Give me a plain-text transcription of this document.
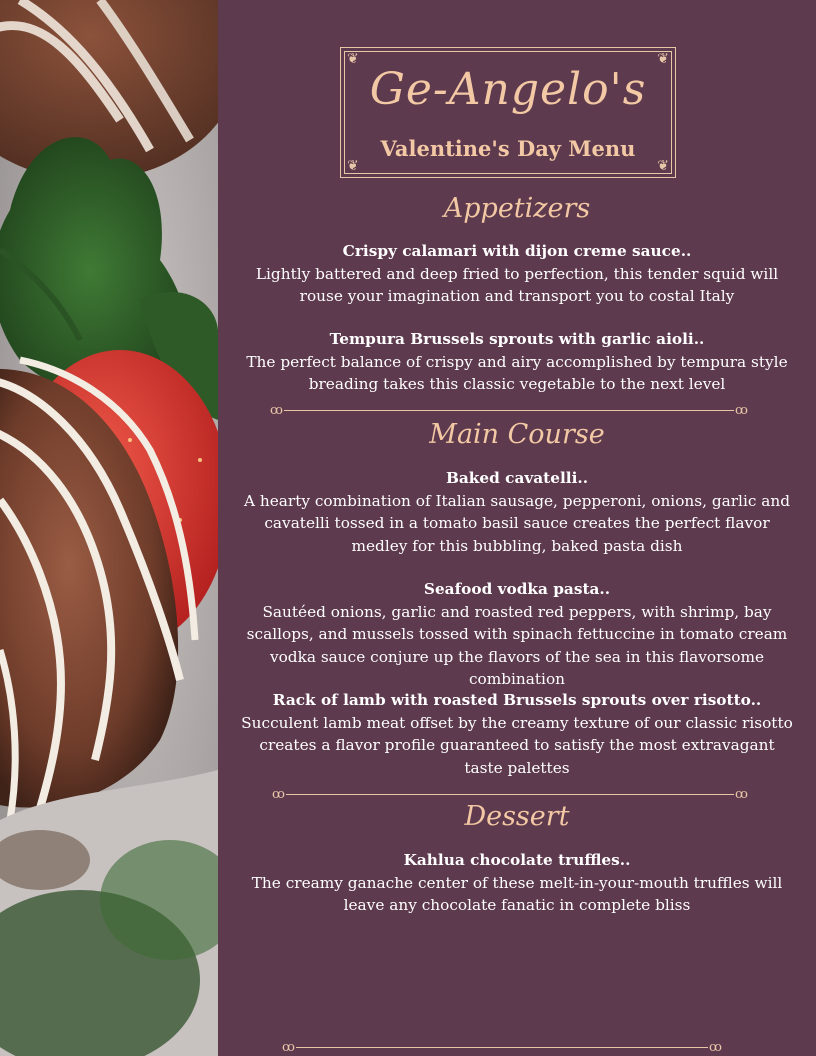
❦	❦
❦	❦
Ge-Angelo's
Valentine's Day Menu
Appetizers
Crispy calamari with dijon creme sauce..
Lightly battered and deep fried to perfection, this tender squid will rouse your imagination and transport you to costal Italy
Tempura Brussels sprouts with garlic aioli..
The perfect balance of crispy and airy accomplished by tempura style breading takes this classic vegetable to the next level
ꝏ	ꝏ
Main Course
Baked cavatelli..
A hearty combination of Italian sausage, pepperoni, onions, garlic and cavatelli tossed in a tomato basil sauce creates the perfect flavor medley for this bubbling, baked pasta dish
Seafood vodka pasta..
Sautéed onions, garlic and roasted red peppers, with shrimp, bay scallops, and mussels tossed with spinach fettuccine in tomato cream vodka sauce conjure up the flavors of the sea in this flavorsome combination
Rack of lamb with roasted Brussels sprouts over risotto..
Succulent lamb meat offset by the creamy texture of our classic risotto creates a flavor profile guaranteed to satisfy the most extravagant taste palettes
ꝏ	ꝏ
Dessert
Kahlua chocolate truffles..
The creamy ganache center of these melt-in-your-mouth truffles will leave any chocolate fanatic in complete bliss
ꝏ	ꝏ
